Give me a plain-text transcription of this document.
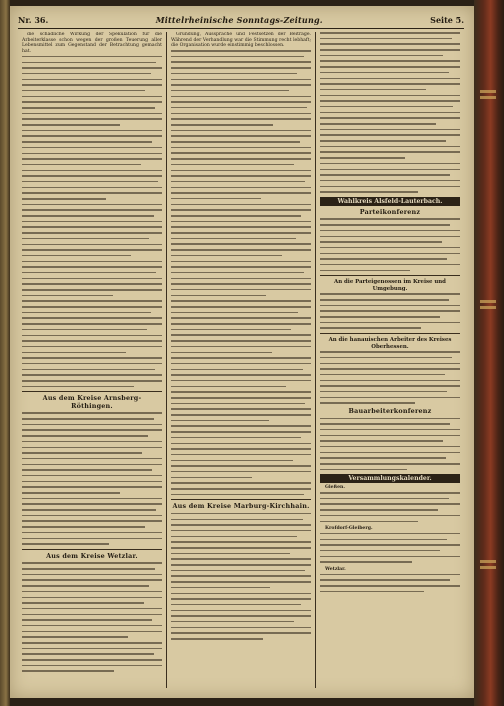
Nr. 36.	Mittelrheinische Sonntags-Zeitung.	Seite 5.

die schädliche Wirkung der Spekulation für die Arbeiterklasse schon wegen der großen Teuerung aller Lebensmittel zum Gegenstand der Betrachtung gemacht hat.

Aus dem Kreise Arnsberg-Röthingen.
Aus dem Kreise Wetzlar.

Gründung, Aussprache und Festsetzen der Beiträge. Während der Verhandlung war die Stimmung recht lebhaft; die Organisation wurde einstimmig beschlossen.

Aus dem Kreise Marburg-Kirchhain.
Wahlkreis Alsfeld-Lauterbach.
Parteikonferenz
An die Parteigenossen im Kreise und Umgebung.
An die hanauischen Arbeiter des Kreises Oberhessen.
Bauarbeiterkonferenz
Versammlungskalender.

Gießen.

Krofdorf-Gleiberg.

Wetzlar.
